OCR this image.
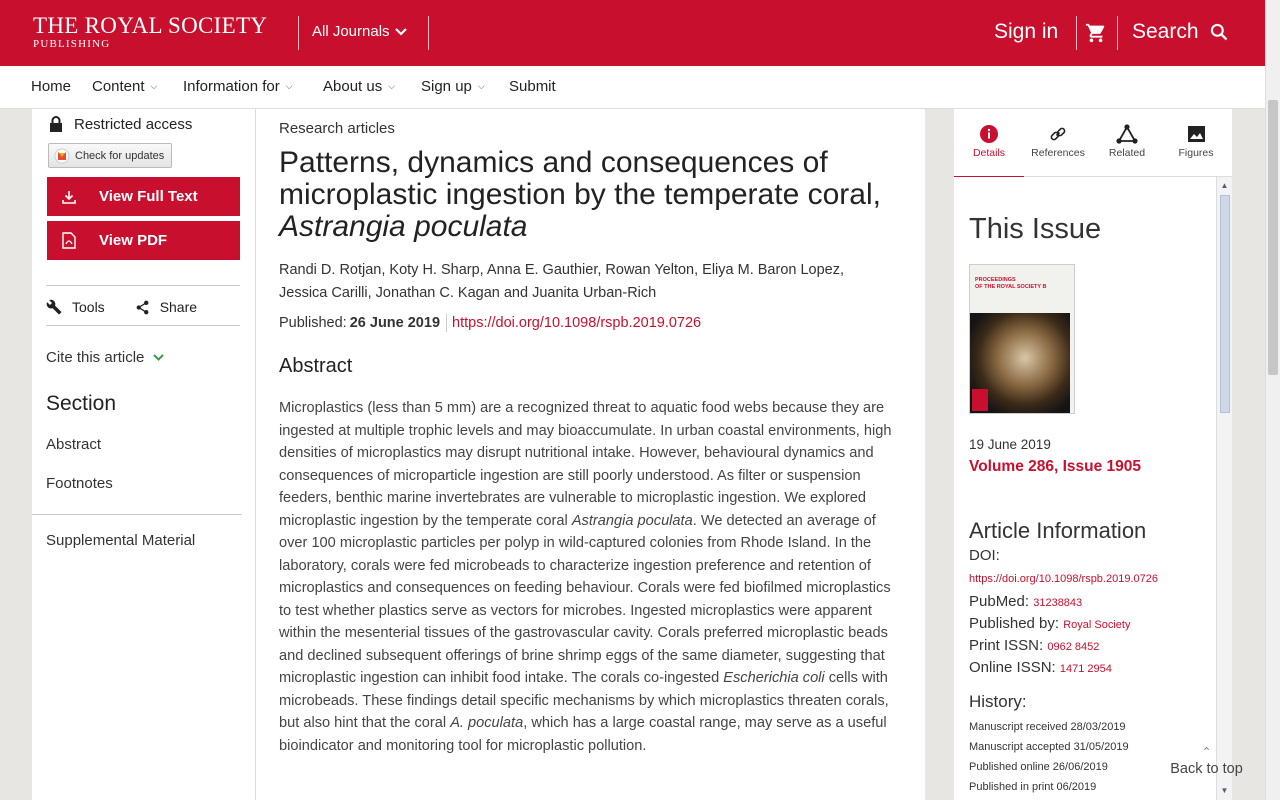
THE ROYAL SOCIETY
PUBLISHING
All Journals	Sign in	Search
Home Content ⌵ Information for ⌵ About us ⌵ Sign up ⌵ Submit
Restricted access
Check for updates
View Full Text
View PDF
Tools	Share
Cite this article
Section
Abstract
Footnotes
Supplemental Material
Research articles
Patterns, dynamics and consequences of microplastic ingestion by the temperate coral, Astrangia poculata
Randi D. Rotjan, Koty H. Sharp, Anna E. Gauthier, Rowan Yelton, Eliya M. Baron Lopez,
Jessica Carilli, Jonathan C. Kagan and Juanita Urban-Rich
Published: 26 June 2019 https://doi.org/10.1098/rspb.2019.0726
Abstract

Microplastics (less than 5 mm) are a recognized threat to aquatic food webs because they are ingested at multiple trophic levels and may bioaccumulate. In urban coastal environments, high densities of microplastics may disrupt nutritional intake. However, behavioural dynamics and consequences of microparticle ingestion are still poorly understood. As filter or suspension feeders, benthic marine invertebrates are vulnerable to microplastic ingestion. We explored microplastic ingestion by the temperate coral Astrangia poculata. We detected an average of over 100 microplastic particles per polyp in wild-captured colonies from Rhode Island. In the laboratory, corals were fed microbeads to characterize ingestion preference and retention of microplastics and consequences on feeding behaviour. Corals were fed biofilmed microplastics to test whether plastics serve as vectors for microbes. Ingested microplastics were apparent within the mesenterial tissues of the gastrovascular cavity. Corals preferred microplastic beads and declined subsequent offerings of brine shrimp eggs of the same diameter, suggesting that microplastic ingestion can inhibit food intake. The corals co-ingested Escherichia coli cells with microbeads. These findings detail specific mechanisms by which microplastics threaten corals, but also hint that the coral A. poculata, which has a large coastal range, may serve as a useful bioindicator and monitoring tool for microplastic pollution.

Details	References	Related	Figures
This Issue
PROCEEDINGS
OF THE ROYAL SOCIETY B
19 June 2019
Volume 286, Issue 1905
Article Information
DOI:
https://doi.org/10.1098/rspb.2019.0726
PubMed: 31238843
Published by: Royal Society
Print ISSN: 0962 8452
Online ISSN: 1471 2954
History:
Manuscript received 28/03/2019
Manuscript accepted 31/05/2019
Published online 26/06/2019
Published in print 06/2019
▲
▼
⌃
Back to top
